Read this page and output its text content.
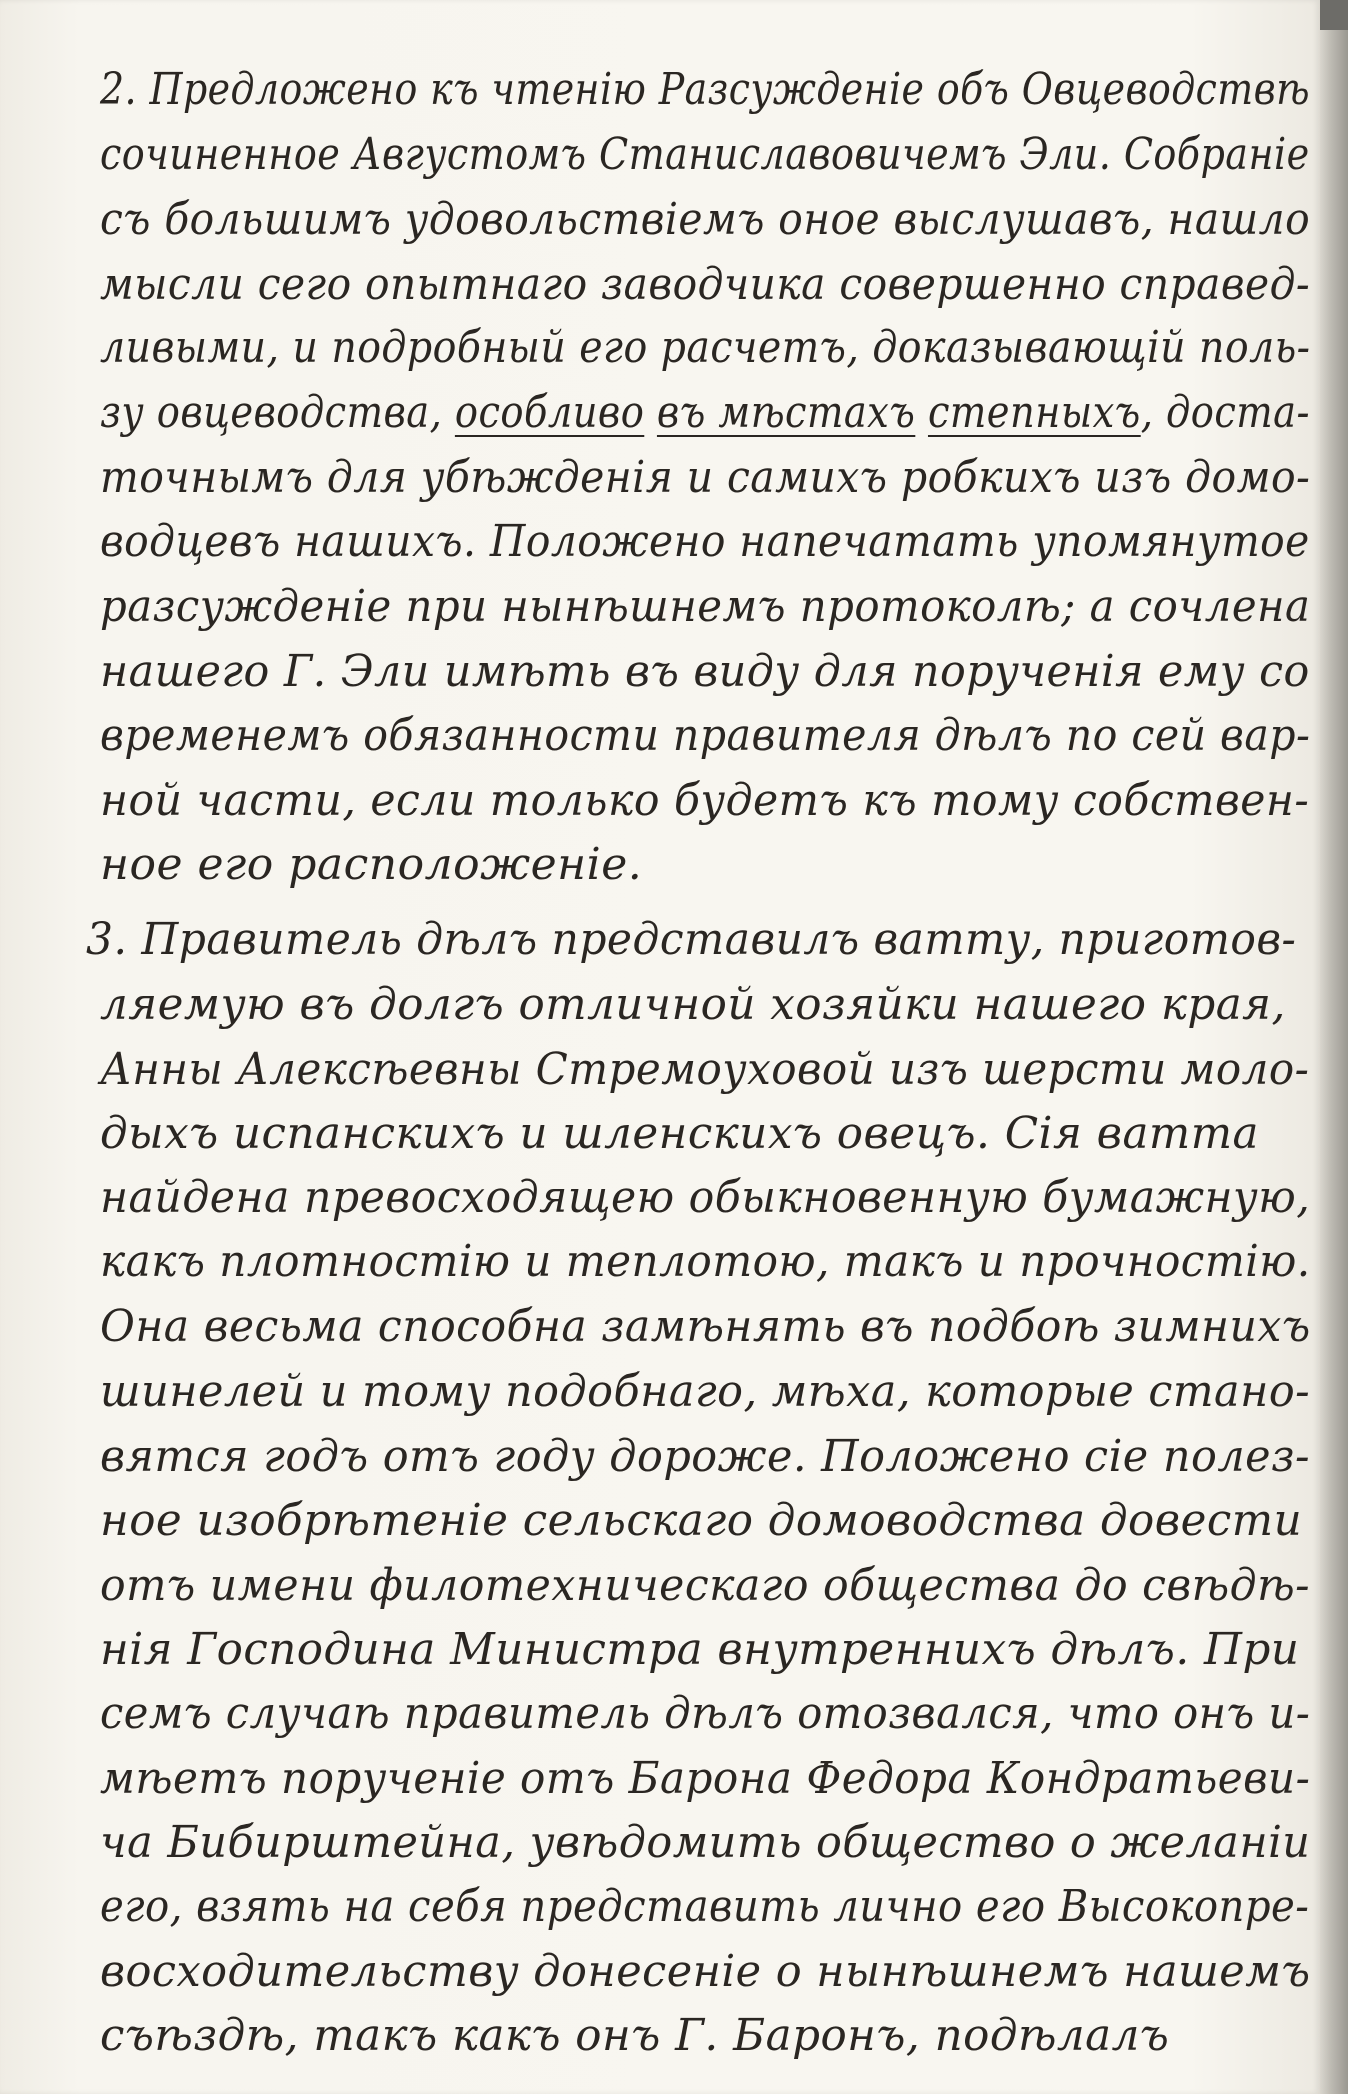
2. Предложено къ чтенію Разсужденіе объ Овцеводствѣ
сочиненное Августомъ Станиславовичемъ Эли. Собраніе
съ большимъ удовольствіемъ оное выслушавъ, нашло
мысли сего опытнаго заводчика совершенно справед-
ливыми, и подробный его расчетъ, доказывающій поль-
зу овцеводства, особливо въ мѣстахъ степныхъ, доста-
точнымъ для убѣжденія и самихъ робкихъ изъ домо-
водцевъ нашихъ. Положено напечатать упомянутое
разсужденіе при нынѣшнемъ протоколѣ; а сочлена
нашего Г. Эли имѣть въ виду для порученія ему со
временемъ обязанности правителя дѣлъ по сей вар-
ной части, если только будетъ къ тому собствен-
ное его расположеніе.
3. Правитель дѣлъ представилъ ватту, приготов-
ляемую въ долгъ отличной хозяйки нашего края,
Анны Алексѣевны Стремоуховой изъ шерсти моло-
дыхъ испанскихъ и шленскихъ овецъ. Сія ватта
найдена превосходящею обыкновенную бумажную,
какъ плотностію и теплотою, такъ и прочностію.
Она весьма способна замѣнять въ подбоѣ зимнихъ
шинелей и тому подобнаго, мѣха, которые стано-
вятся годъ отъ году дороже. Положено сіе полез-
ное изобрѣтеніе сельскаго домоводства довести
отъ имени филотехническаго общества до свѣдѣ-
нія Господина Министра внутреннихъ дѣлъ. При
семъ случаѣ правитель дѣлъ отозвался, что онъ и-
мѣетъ порученіе отъ Барона Федора Кондратьеви-
ча Бибирштейна, увѣдомить общество о желаніи
его, взять на себя представить лично его Высокопре-
восходительству донесеніе о нынѣшнемъ нашемъ
съѣздѣ, такъ какъ онъ Г. Баронъ, подѣлалъ
